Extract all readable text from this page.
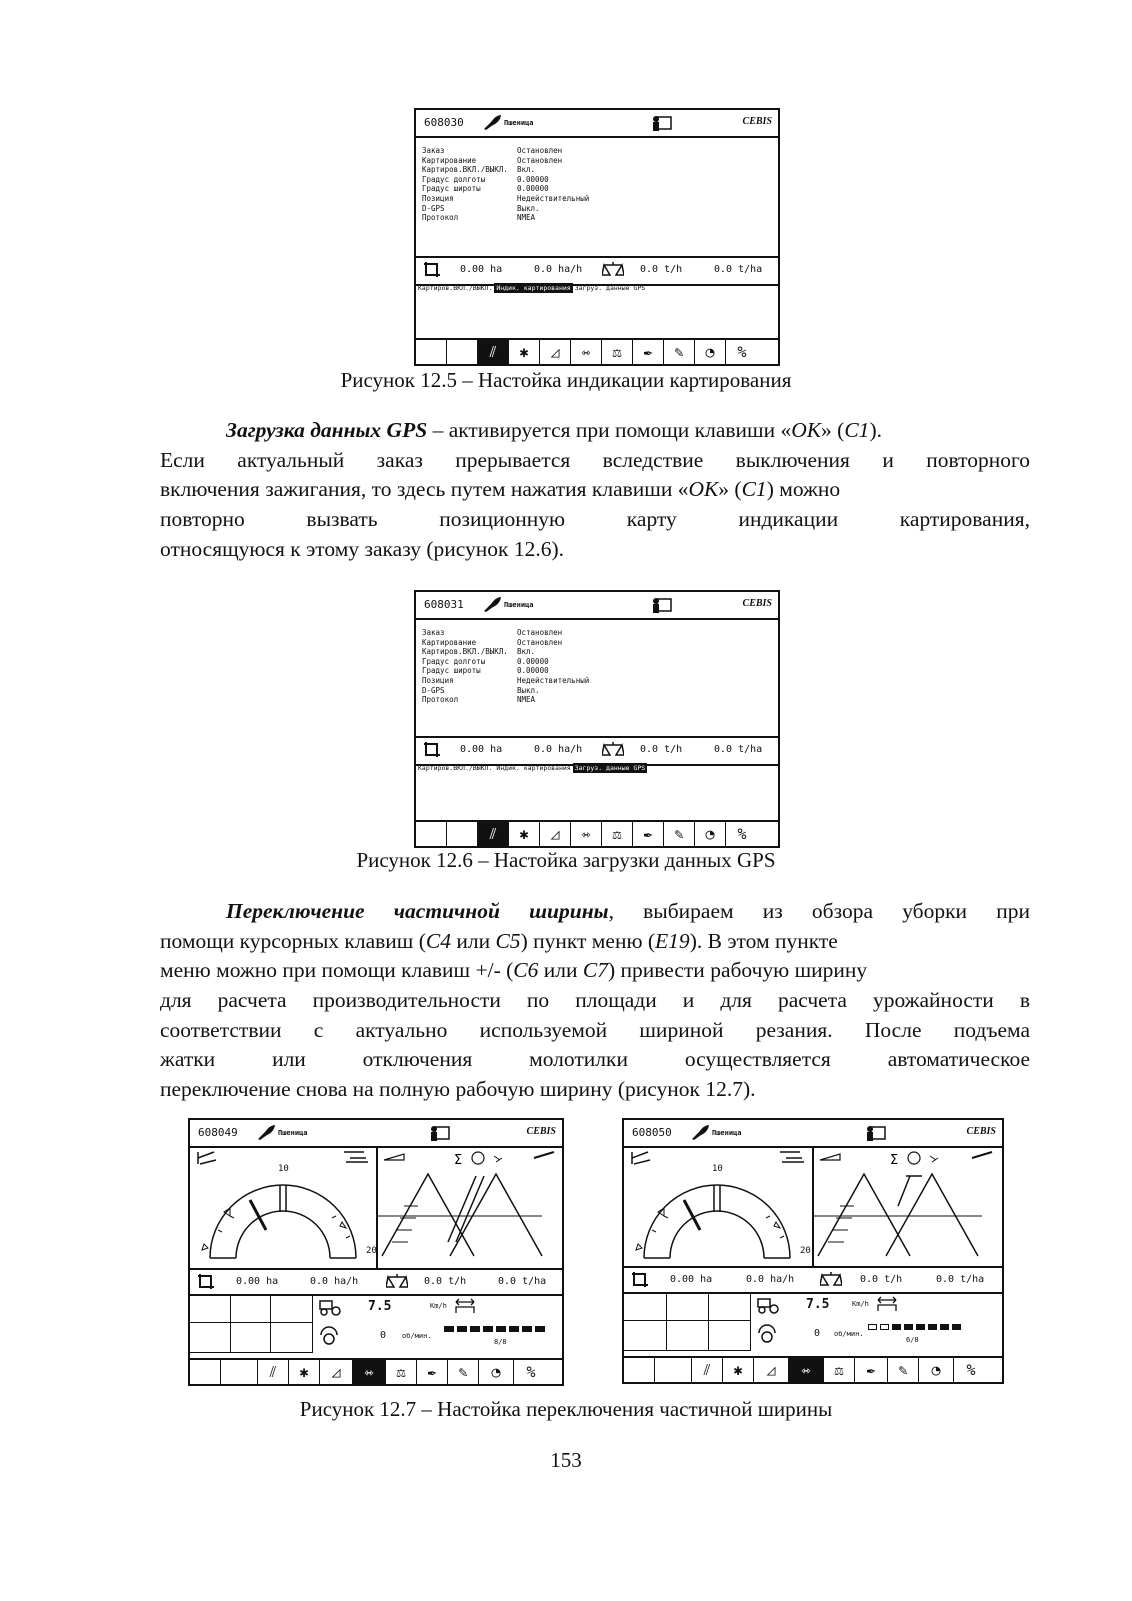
608030	Пшеница	CEBIS
Заказ	Остановлен
Картирование	Остановлен
Картиров.ВКЛ./ВЫКЛ.	Вкл.
Градус долготы	0.00000
Градус широты	0.00000
Позиция	Недействительный
D-GPS	Выкл.
Протокол	NMEA
0.00 ha	0.0 ha/h	0.0 t/h	0.0 t/ha
Картиров.ВКЛ./ВЫКЛ. Индик. картирования Загруз. данные GPS
⫽	✱	◿	⇿	⚖	✒	✎	◔	%
Рисунок 12.5 – Настойка индикации картирования
Загрузка данных GPS – активируется при помощи клавиши «ОК» (С1).
Если актуальный заказ прерывается вследствие выключения и повторного
включения зажигания, то здесь путем нажатия клавиши «ОК» (С1) можно
повторно вызвать позиционную карту индикации картирования,
относящуюся к этому заказу (рисунок 12.6).
608031	Пшеница	CEBIS
Заказ	Остановлен
Картирование	Остановлен
Картиров.ВКЛ./ВЫКЛ.	Вкл.
Градус долготы	0.00000
Градус широты	0.00000
Позиция	Недействительный
D-GPS	Выкл.
Протокол	NMEA
0.00 ha	0.0 ha/h	0.0 t/h	0.0 t/ha
Картиров.ВКЛ./ВЫКЛ. Индик. картирования Загруз. данные GPS
⫽	✱	◿	⇿	⚖	✒	✎	◔	%
Рисунок 12.6 – Настойка загрузки данных GPS
Переключение частичной ширины, выбираем из обзора уборки при
помощи курсорных клавиш (С4 или С5) пункт меню (Е19). В этом пункте
меню можно при помощи клавиш +/- (С6 или С7) привести рабочую ширину
для расчета производительности по площади и для расчета урожайности в
соответствии с актуально используемой шириной резания. После подъема
жатки или отключения молотилки осуществляется автоматическое
переключение снова на полную рабочую ширину (рисунок 12.7).
608049	Пшеница	CEBIS
10
20
Σ
0.00 ha	0.0 ha/h	0.0 t/h	0.0 t/ha
7.5	Km/h
0 об/мин.
8/8
⫽	✱	◿	⇿	⚖	✒	✎	◔	%
608050	Пшеница	CEBIS
10
20
Σ
0.00 ha	0.0 ha/h	0.0 t/h	0.0 t/ha
7.5	Km/h
0 об/мин.
6/8
⫽	✱	◿	⇿	⚖	✒	✎	◔	%
Рисунок 12.7 – Настойка переключения частичной ширины
153
